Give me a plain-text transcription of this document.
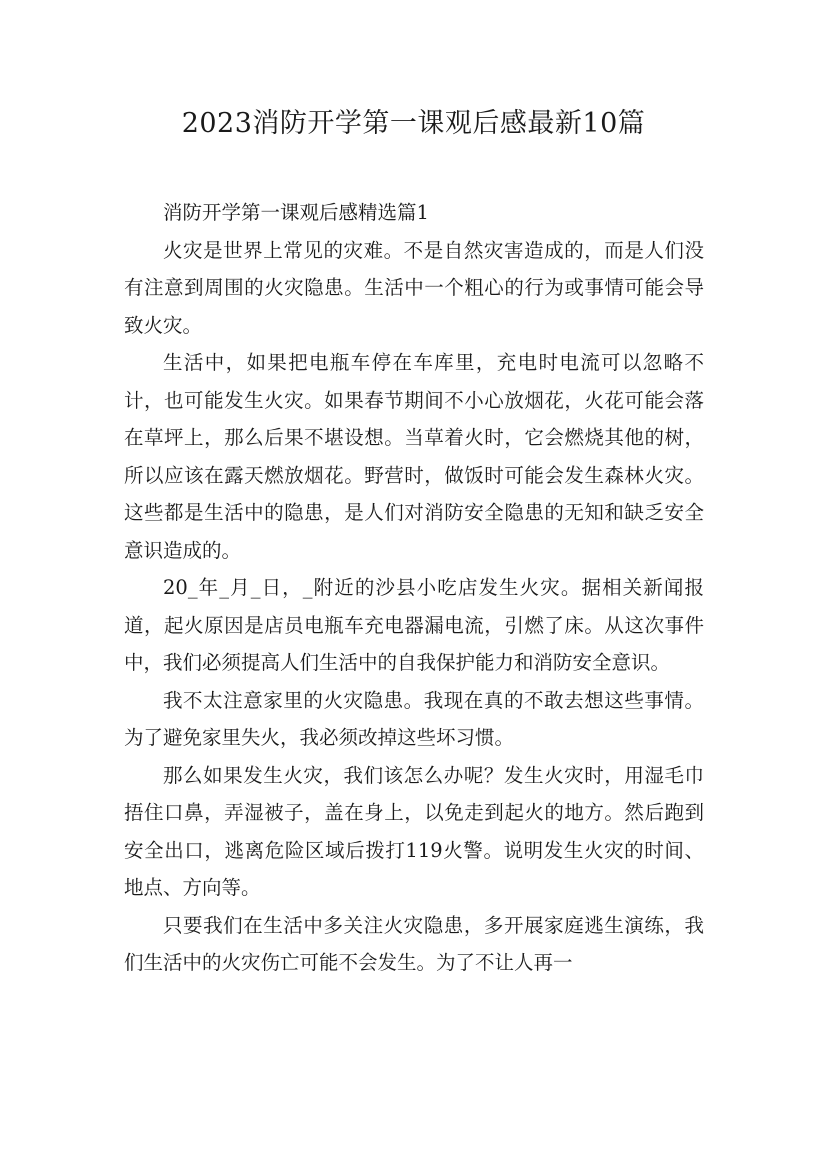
2023消防开学第一课观后感最新10篇

消防开学第一课观后感精选篇1

火灾是世界上常见的灾难。不是自然灾害造成的，而是人们没有注意到周围的火灾隐患。生活中一个粗心的行为或事情可能会导致火灾。

生活中，如果把电瓶车停在车库里，充电时电流可以忽略不计，也可能发生火灾。如果春节期间不小心放烟花，火花可能会落在草坪上，那么后果不堪设想。当草着火时，它会燃烧其他的树，所以应该在露天燃放烟花。野营时，做饭时可能会发生森林火灾。这些都是生活中的隐患，是人们对消防安全隐患的无知和缺乏安全意识造成的。

20_年_月_日，_附近的沙县小吃店发生火灾。据相关新闻报道，起火原因是店员电瓶车充电器漏电流，引燃了床。从这次事件中，我们必须提高人们生活中的自我保护能力和消防安全意识。

我不太注意家里的火灾隐患。我现在真的不敢去想这些事情。为了避免家里失火，我必须改掉这些坏习惯。

那么如果发生火灾，我们该怎么办呢？发生火灾时，用湿毛巾捂住口鼻，弄湿被子，盖在身上，以免走到起火的地方。然后跑到安全出口，逃离危险区域后拨打119火警。说明发生火灾的时间、地点、方向等。

只要我们在生活中多关注火灾隐患，多开展家庭逃生演练，我们生活中的火灾伤亡可能不会发生。为了不让人再一
